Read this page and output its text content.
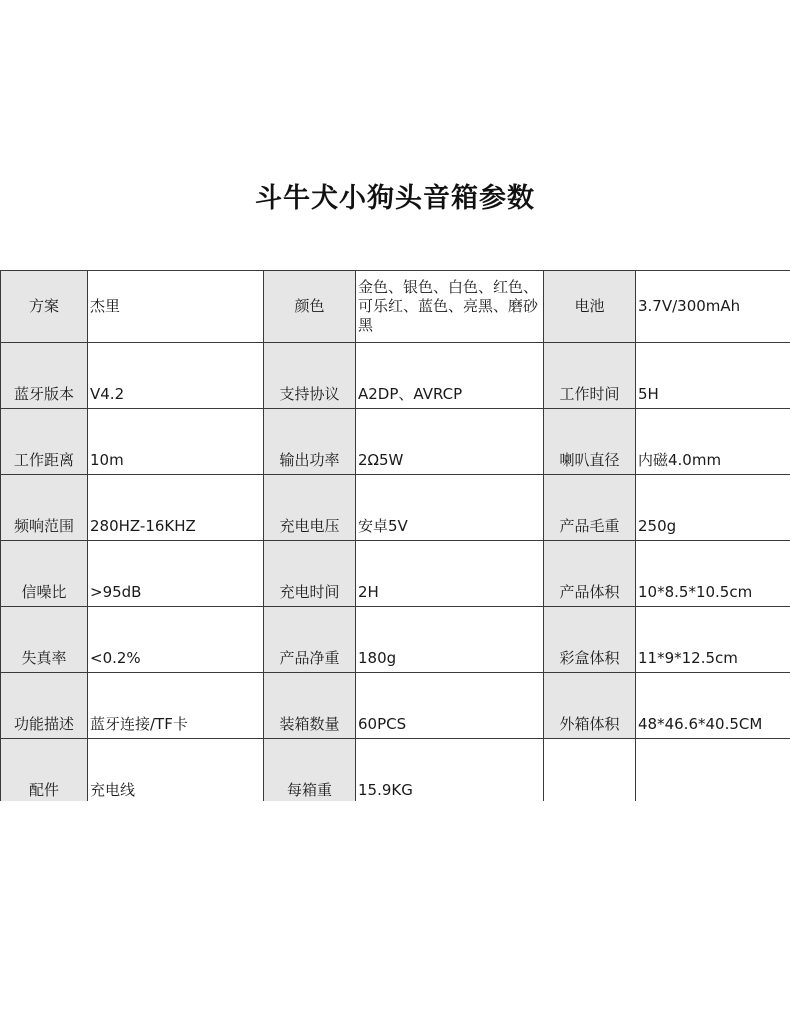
斗牛犬小狗头音箱参数
方案	杰里	颜色	金色、银色、白色、红色、可乐红、蓝色、亮黑、磨砂黑	电池	3.7V/300mAh
蓝牙版本	V4.2	支持协议	A2DP、AVRCP	工作时间	5H
工作距离	10m	输出功率	2Ω5W	喇叭直径	内磁4.0mm
频响范围	280HZ-16KHZ	充电电压	安卓5V	产品毛重	250g
信噪比	>95dB	充电时间	2H	产品体积	10*8.5*10.5cm
失真率	<0.2%	产品净重	180g	彩盒体积	11*9*12.5cm
功能描述	蓝牙连接/TF卡	装箱数量	60PCS	外箱体积	48*46.6*40.5CM
配件	充电线	每箱重	15.9KG		
